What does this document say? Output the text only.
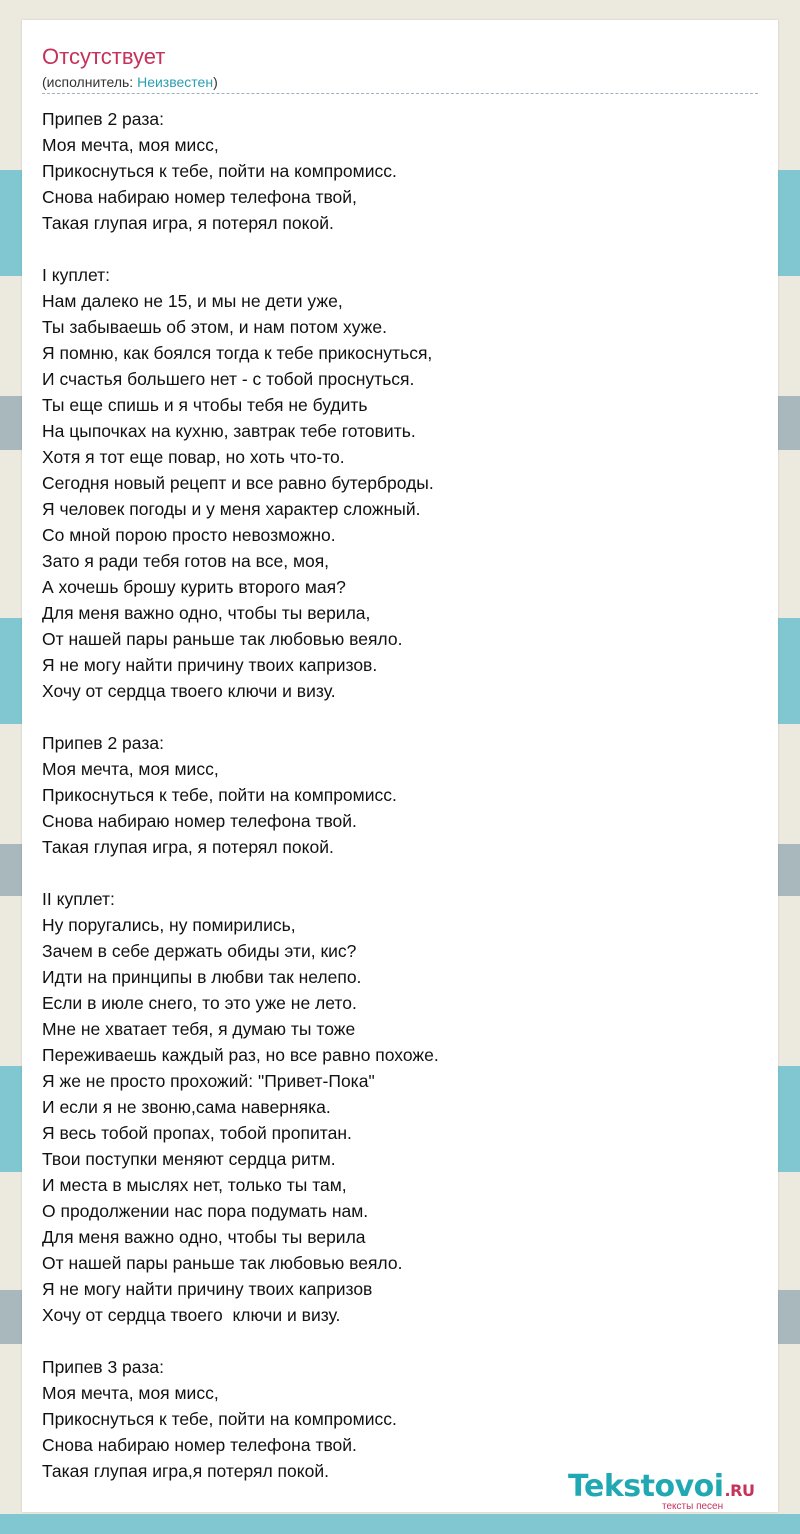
Отсутствует
(исполнитель: Неизвестен)
Припев 2 раза:
Моя мечта, моя мисс,
Прикоснуться к тебе, пойти на компромисс.
Снова набираю номер телефона твой,
Такая глупая игра, я потерял покой.
I куплет:
Нам далеко не 15, и мы не дети уже,
Ты забываешь об этом, и нам потом хуже.
Я помню, как боялся тогда к тебе прикоснуться,
И счастья большего нет - с тобой проснуться.
Ты еще спишь и я чтобы тебя не будить
На цыпочках на кухню, завтрак тебе готовить.
Хотя я тот еще повар, но хоть что-то.
Сегодня новый рецепт и все равно бутерброды.
Я человек погоды и у меня характер сложный.
Со мной порою просто невозможно.
Зато я ради тебя готов на все, моя,
А хочешь брошу курить второго мая?
Для меня важно одно, чтобы ты верила,
От нашей пары раньше так любовью веяло.
Я не могу найти причину твоих капризов.
Хочу от сердца твоего ключи и визу.
Припев 2 раза:
Моя мечта, моя мисс,
Прикоснуться к тебе, пойти на компромисс.
Снова набираю номер телефона твой.
Такая глупая игра, я потерял покой.
II куплет:
Ну поругались, ну помирились,
Зачем в себе держать обиды эти, кис?
Идти на принципы в любви так нелепо.
Если в июле снего, то это уже не лето.
Мне не хватает тебя, я думаю ты тоже
Переживаешь каждый раз, но все равно похоже.
Я же не просто прохожий: "Привет-Пока"
И если я не звоню,сама наверняка.
Я весь тобой пропах, тобой пропитан.
Твои поступки меняют сердца ритм.
И места в мыслях нет, только ты там,
О продолжении нас пора подумать нам.
Для меня важно одно, чтобы ты верила
От нашей пары раньше так любовью веяло.
Я не могу найти причину твоих капризов
Хочу от сердца твоего  ключи и визу.
Припев 3 раза:
Моя мечта, моя мисс,
Прикоснуться к тебе, пойти на компромисс.
Снова набираю номер телефона твой.
Такая глупая игра,я потерял покой.	Tekstovoi.RU
тексты песен
